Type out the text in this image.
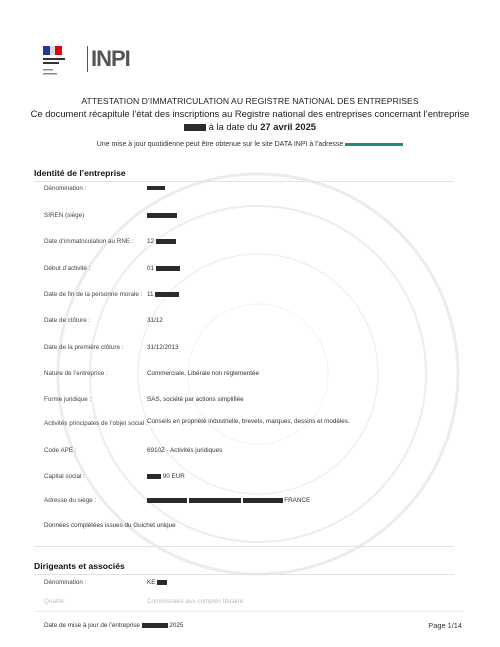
INPI
ATTESTATION D’IMMATRICULATION AU REGISTRE NATIONAL DES ENTREPRISES
Ce document récapitule l’état des inscriptions au Registre national des entreprises concernant l’entreprise
à la date du 27 avril 2025
Une mise à jour quotidienne peut être obtenue sur le site DATA INPI à l’adresse
Identité de l’entreprise
Dénomination :
SIREN (siège)
Date d’immatriculation au RNE : 12
Début d’activité :	01
Date de fin de la personne morale : 11
Date de clôture :	31/12
Date de la première clôture :	31/12/2013
Nature de l’entreprise :	Commerciale, Libérale non réglementée
Forme juridique :	SAS, société par actions simplifiée
Activités principales de l’objet social : Conseils en propriété industrielle, brevets, marques, dessins et modèles.
Code APE :	6910Z - Activités juridiques
Capital social :	90 EUR
Adresse du siège :	FRANCE
Données complétées issues du Guichet unique
Dirigeants et associés
Dénomination :	KE
Qualité :	Commissaire aux comptes titulaire
Date de mise à jour de l’entreprise	2025	Page 1/14
